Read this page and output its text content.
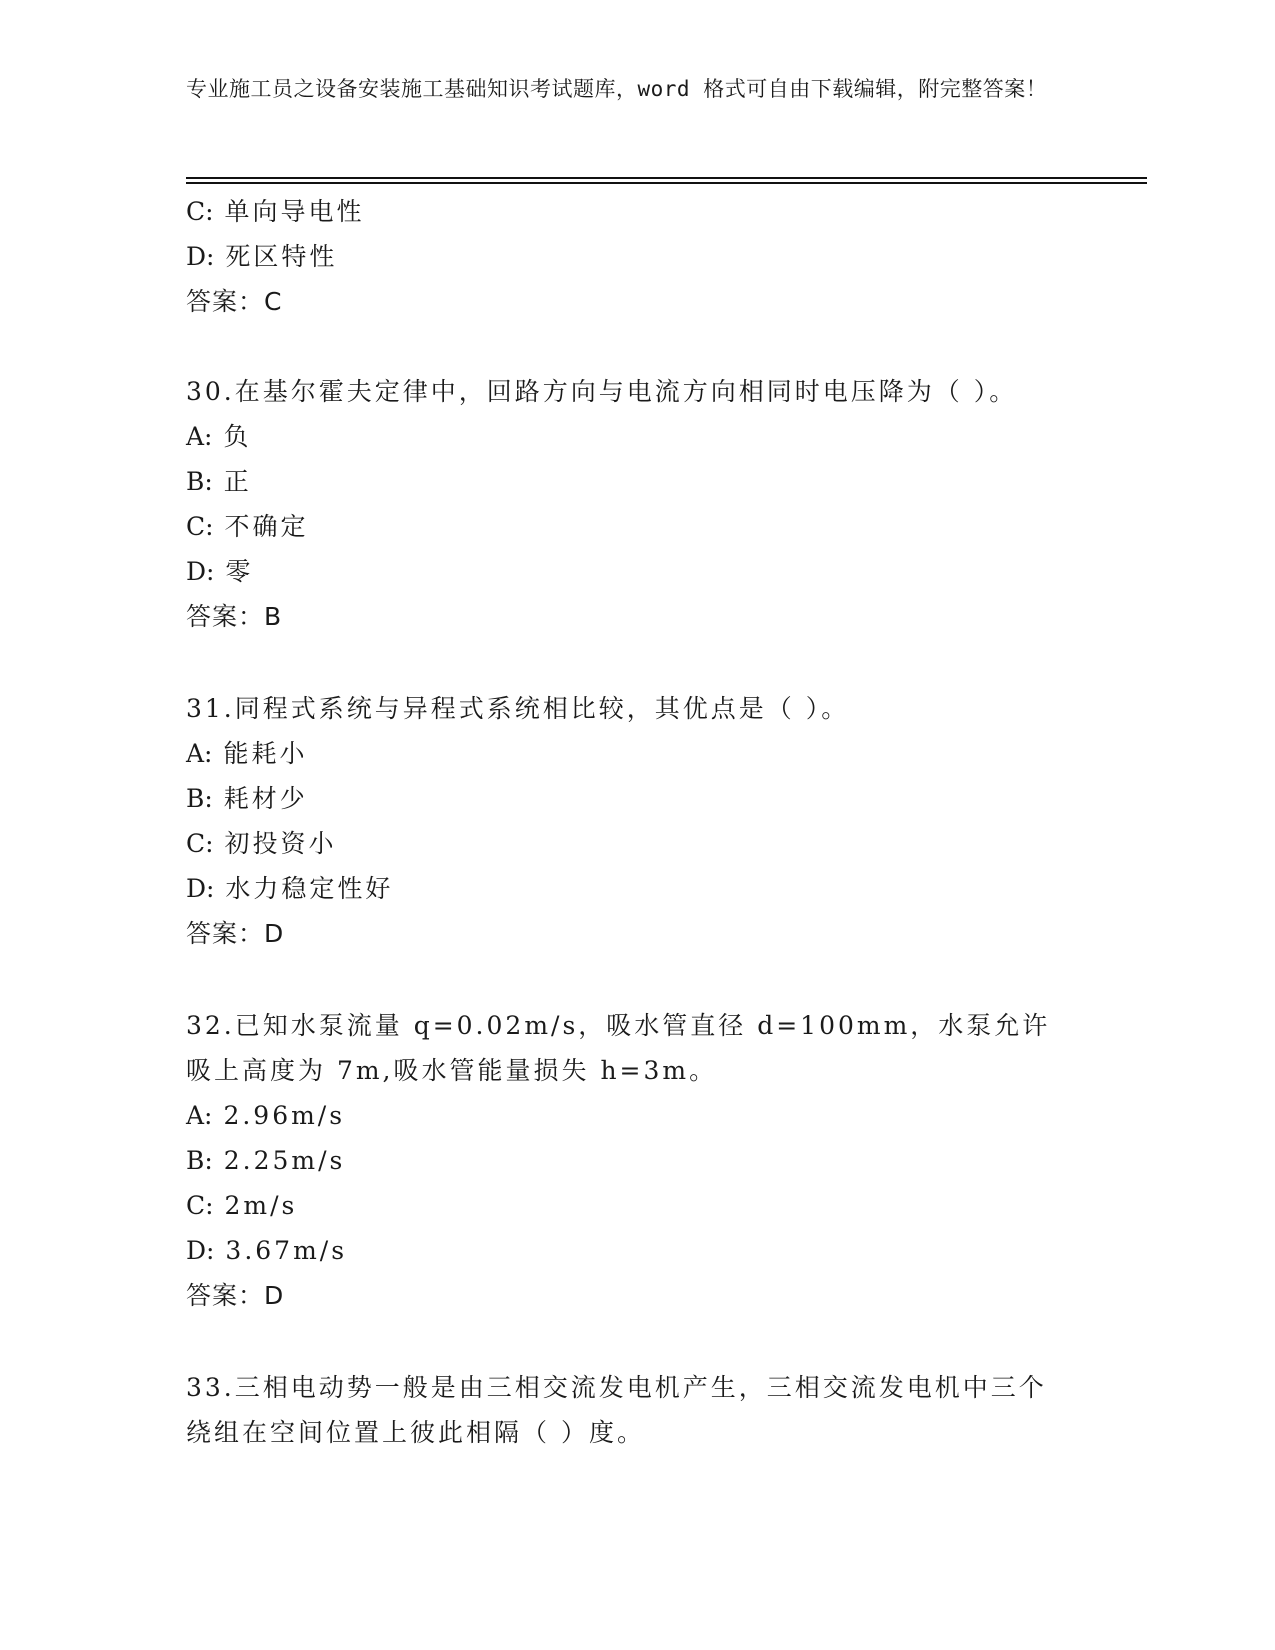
专业施工员之设备安装施工基础知识考试题库，word 格式可自由下载编辑，附完整答案！
C: 单向导电性
D: 死区特性
答案：C
30.在基尔霍夫定律中，回路方向与电流方向相同时电压降为（ ）。
A: 负
B: 正
C: 不确定
D: 零
答案：B
31.同程式系统与异程式系统相比较，其优点是（ ）。
A: 能耗小
B: 耗材少
C: 初投资小
D: 水力稳定性好
答案：D
32.已知水泵流量 q=0.02m/s，吸水管直径 d=100mm，水泵允许吸上高度为 7m,吸水管能量损失 h=3m。
A: 2.96m/s
B: 2.25m/s
C: 2m/s
D: 3.67m/s
答案：D
33.三相电动势一般是由三相交流发电机产生，三相交流发电机中三个绕组在空间位置上彼此相隔（ ）度。
